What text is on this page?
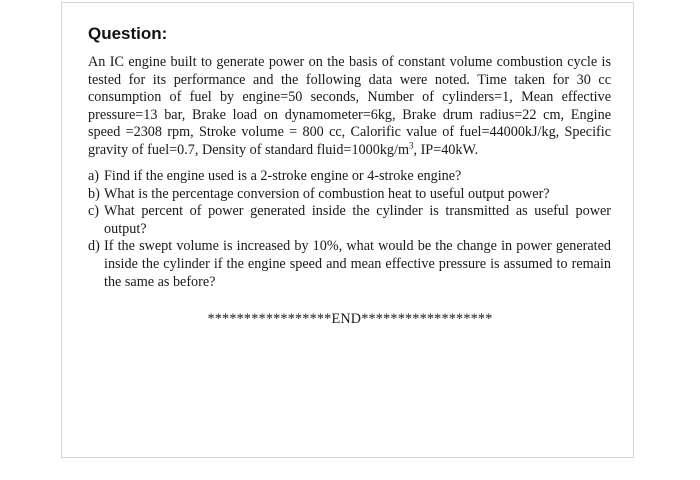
Question:

An IC engine built to generate power on the basis of constant volume combustion cycle is tested for its performance and the following data were noted. Time taken for 30 cc consumption of fuel by engine=50 seconds, Number of cylinders=1, Mean effective pressure=13 bar, Brake load on dynamometer=6kg, Brake drum radius=22 cm, Engine speed =2308 rpm, Stroke volume = 800 cc, Calorific value of fuel=44000kJ/kg, Specific gravity of fuel=0.7, Density of standard $fluid=1000kg/m^3$, IP=40kW.

a) Find if the engine used is a 2-stroke engine or 4-stroke engine?
b) What is the percentage conversion of combustion heat to useful output power?
c) What percent of power generated inside the cylinder is transmitted as useful power output?
d) If the swept volume is increased by 10%, what would be the change in power generated inside the cylinder if the engine speed and mean effective pressure is assumed to remain the same as before?

*****************END******************
